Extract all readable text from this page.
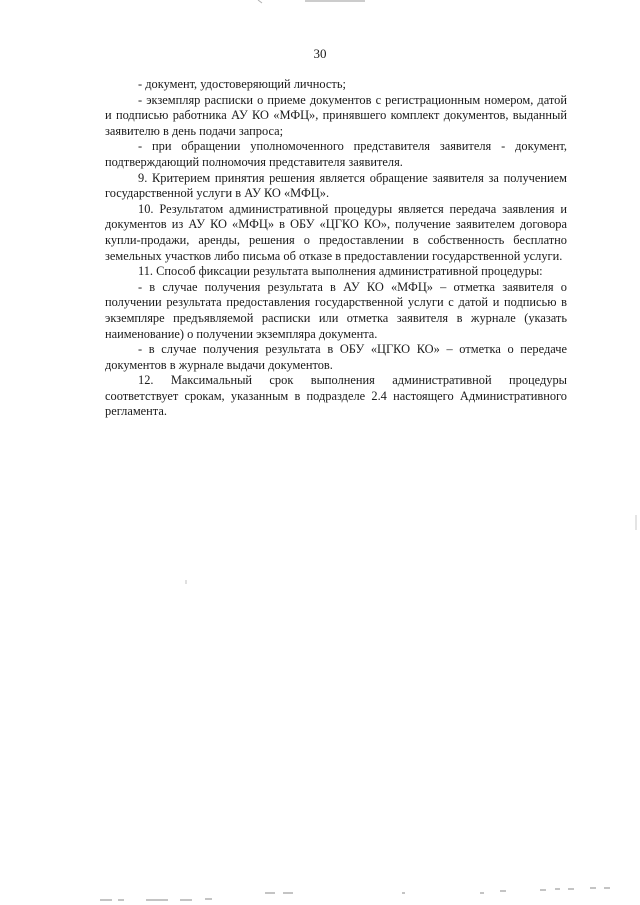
30

- документ, удостоверяющий личность;

- экземпляр расписки о приеме документов с регистрационным номером, датой и подписью работника АУ КО «МФЦ», принявшего комплект документов, выданный заявителю в день подачи запроса;

- при обращении уполномоченного представителя заявителя - документ, подтверждающий полномочия представителя заявителя.

9. Критерием принятия решения является обращение заявителя за получением государственной услуги в АУ КО «МФЦ».

10. Результатом административной процедуры является передача заявления и документов из АУ КО «МФЦ» в ОБУ «ЦГКО КО», получение заявителем договора купли-продажи, аренды, решения о предоставлении в собственность бесплатно земельных участков либо письма об отказе в предоставлении государственной услуги.

11. Способ фиксации результата выполнения административной процедуры:

- в случае получения результата в АУ КО «МФЦ» – отметка заявителя о получении результата предоставления государственной услуги с датой и подписью в экземпляре предъявляемой расписки или отметка заявителя в журнале (указать наименование) о получении экземпляра документа.

- в случае получения результата в ОБУ «ЦГКО КО» – отметка о передаче документов в журнале выдачи документов.

12. Максимальный срок выполнения административной процедуры соответствует срокам, указанным в подразделе 2.4 настоящего Административного регламента.
